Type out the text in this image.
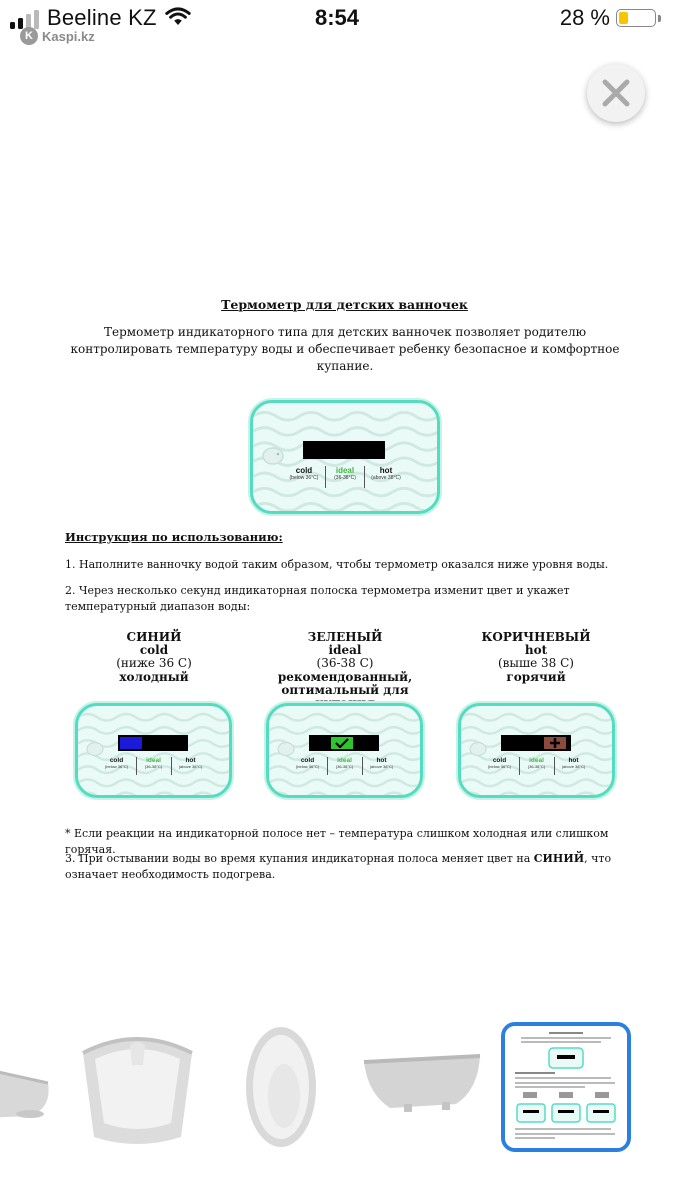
Beeline KZ	8:54	28 %
K Kaspi.kz
Термометр для детских ванночек
Термометр индикаторного типа для детских ванночек позволяет родителю контролировать температуру воды и обеспечивает ребенку безопасное и комфортное купание.
cold
(below 36°C)
ideal
(36-38°C)
hot
(above 38°C)
Инструкция по использованию:
1. Наполните ванночку водой таким образом, чтобы термометр оказался ниже уровня воды.
2. Через несколько секунд индикаторная полоска термометра изменит цвет и укажет температурный диапазон воды:
СИНИЙ
cold
(ниже 36 С)
холодный
ЗЕЛЕНЫЙ
ideal
(36-38 С)
рекомендованный, оптимальный для
КОРИЧНЕВЫЙ
hot
(выше 38 С)
горячий
cold
(below 36°C)
ideal
(36-38°C)
hot
(above 38°C)
cold
(below 36°C)
ideal
(36-38°C)
hot
(above 38°C)
cold
(below 36°C)
ideal
(36-38°C)
hot
(above 38°C)
* Если реакции на индикаторной полосе нет – температура слишком холодная или слишком горячая.
3. При остывании воды во время купания индикаторная полоса меняет цвет на СИНИЙ, что означает необходимость подогрева.
